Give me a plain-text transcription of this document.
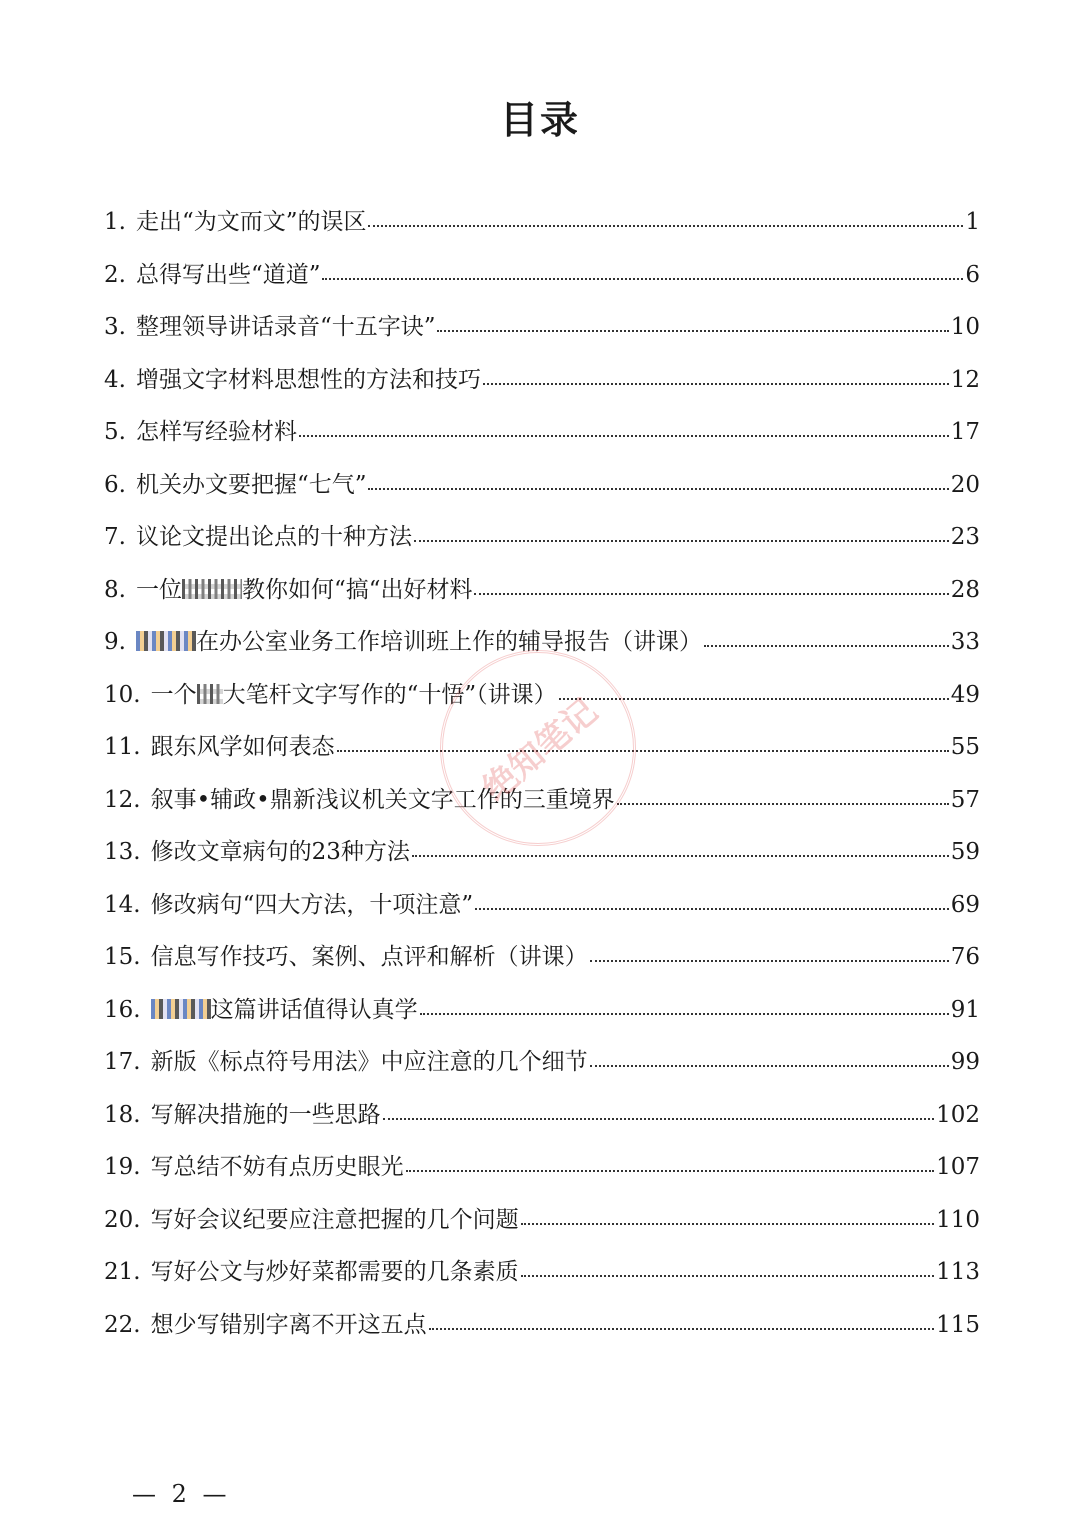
目录
1. 走出“为文而文”的误区	1
2. 总得写出些“道道”	6
3. 整理领导讲话录音“十五字诀”	10
4. 增强文字材料思想性的方法和技巧	12
5. 怎样写经验材料	17
6. 机关办文要把握“七气”	20
7. 议论文提出论点的十种方法	23
8. 一位	教你如何“搞“出好材料	28
9.	在办公室业务工作培训班上作的辅导报告（讲课）	33
10. 一个 大笔杆文字写作的“十悟”（讲课）	49
11. 跟东风学如何表态	55
12. 叙事•辅政•鼎新浅议机关文字工作的三重境界	57
13. 修改文章病句的23种方法	59
14. 修改病句“四大方法，十项注意”	69
15. 信息写作技巧、案例、点评和解析（讲课）	76
16.	这篇讲话值得认真学	91
17. 新版《标点符号用法》中应注意的几个细节	99
18. 写解决措施的一些思路	102
19. 写总结不妨有点历史眼光	107
20. 写好会议纪要应注意把握的几个问题	110
21. 写好公文与炒好菜都需要的几条素质	113
22. 想少写错别字离不开这五点	115
绝知笔记
— 2 —
